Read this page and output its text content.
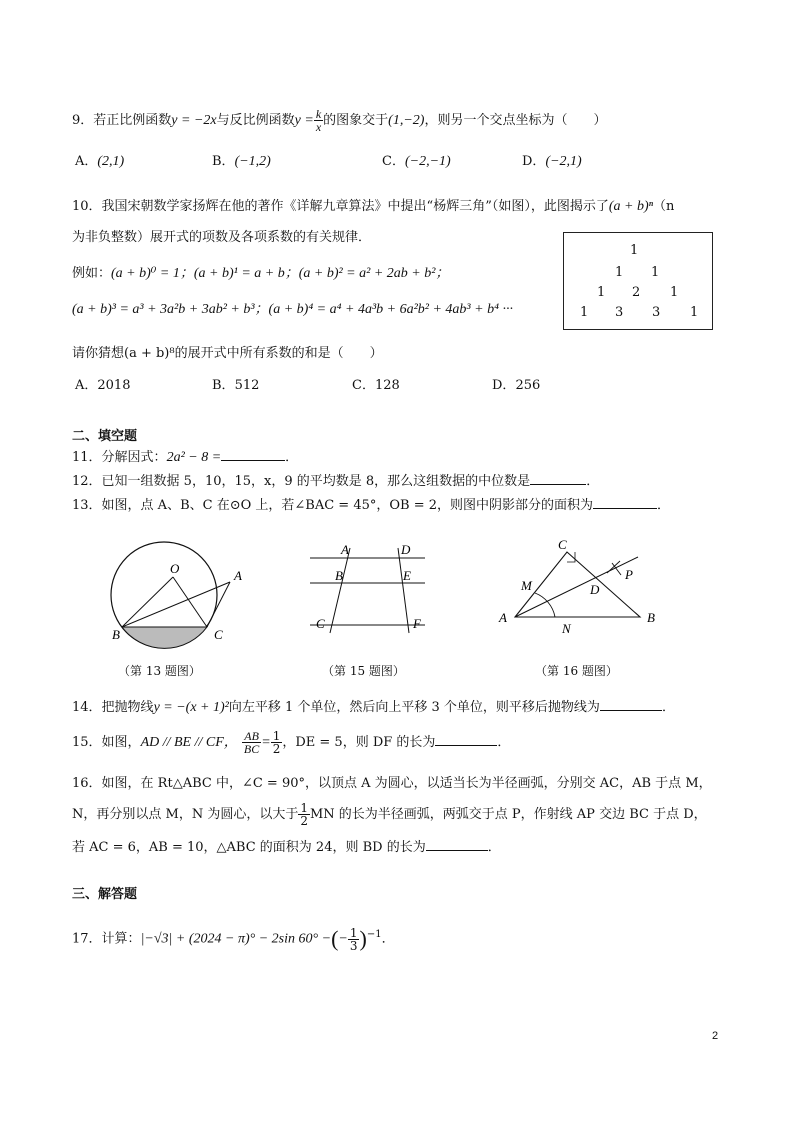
9．若正比例函数y = −2x与反比例函数$y = \frac{k}{x}$ 的图象交于(1,−2)，则另一个交点坐标为（　　）
A．(2,1)	B．(−1,2)	C．(−2,−1)	D．(−2,1)
10．我国宋朝数学家扬辉在他的著作《详解九章算法》中提出“杨辉三角”（如图），此图揭示了(a + b)ⁿ（n
为非负整数）展开式的项数及各项系数的有关规律．
例如：(a + b)⁰ = 1；(a + b)¹ = a + b；(a + b)² = a² + 2ab + b²；
(a + b)³ = a³ + 3a²b + 3ab² + b³；(a + b)⁴ = a⁴ + 4a³b + 6a²b² + 4ab³ + b⁴ ···
1
1 1
1 2 1
1 3 3 1
请你猜想(a + b)⁸的展开式中所有系数的和是（　　）
A．2018	B．512	C．128	D．256
二、填空题
11．分解因式：2a² − 8 =	．
12．已知一组数据 5，10，15，x，9 的平均数是 8，那么这组数据的中位数是	．
13．如图，点 A、B、C 在⊙O 上，若∠BAC = 45°，OB = 2，则图中阴影部分的面积为	．
O	A
B	C
（第 13 题图）
A	D
B	E
C	F
（第 15 题图）
C
P
M	D
A	B
N
（第 16 题图）
14．把抛物线y = −(x + 1)²向左平移 1 个单位，然后向上平移 3 个单位，则平移后抛物线为	．
15．如图，AD // BE // CF， $\frac{AB}{BC} = \frac{1}{2}$ ，DE = 5，则 DF 的长为	．
16．如图，在 Rt△ABC 中，∠C = 90°，以顶点 A 为圆心，以适当长为半径画弧，分别交 AC，AB 于点 M，
N，再分别以点 M，N 为圆心，以大于 $\frac{1}{2}$ MN 的长为半径画弧，两弧交于点 P，作射线 AP 交边 BC 于点 D，
若 AC = 6，AB = 10，△ABC 的面积为 24，则 BD 的长为	．
三、解答题
17．计算：|−√3| + (2024 − π)° − 2sin 60° −(− $\frac{1}{3} )^{-1}$．
2
